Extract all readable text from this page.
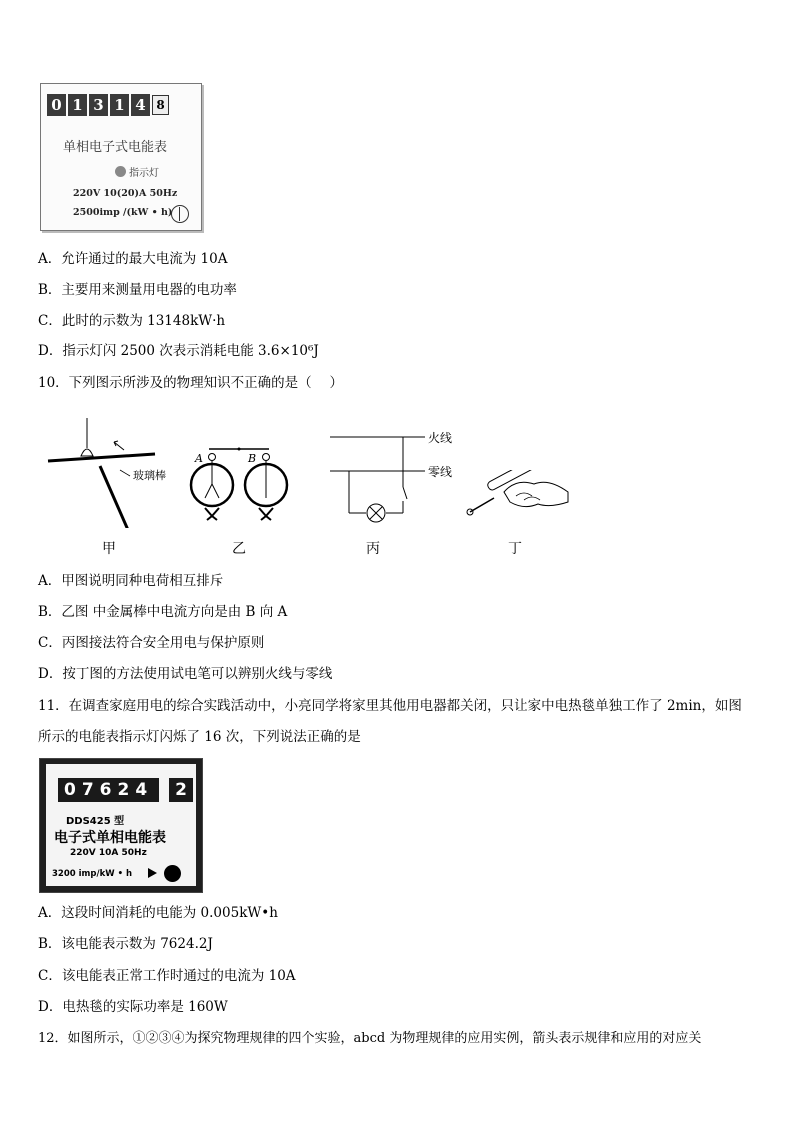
0 1 3 1 4 8
单相电子式电能表
指示灯
220V 10(20)A 50Hz
2500imp /(kW • h)
A．允许通过的最大电流为 10A
B．主要用来测量用电器的电功率
C．此时的示数为 13148kW·h
D．指示灯闪 2500 次表示消耗电能 3.6×10⁶J
10．下列图示所涉及的物理知识不正确的是（　 ）
玻璃棒
A	B
火线
零线
甲	乙	丙	丁
A．甲图说明同种电荷相互排斥
B．乙图 中金属棒中电流方向是由 B 向 A
C．丙图接法符合安全用电与保护原则
D．按丁图的方法使用试电笔可以辨别火线与零线
11．在调查家庭用电的综合实践活动中，小亮同学将家里其他用电器都关闭，只让家中电热毯单独工作了 2min，如图
所示的电能表指示灯闪烁了 16 次，下列说法正确的是
07624	2
DDS425 型
电子式单相电能表
220V 10A 50Hz
3200 imp/kW • h
A．这段时间消耗的电能为 0.005kW•h
B．该电能表示数为 7624.2J
C．该电能表正常工作时通过的电流为 10A
D．电热毯的实际功率是 160W
12．如图所示，①②③④为探究物理规律的四个实验，abcd 为物理规律的应用实例，箭头表示规律和应用的对应关
